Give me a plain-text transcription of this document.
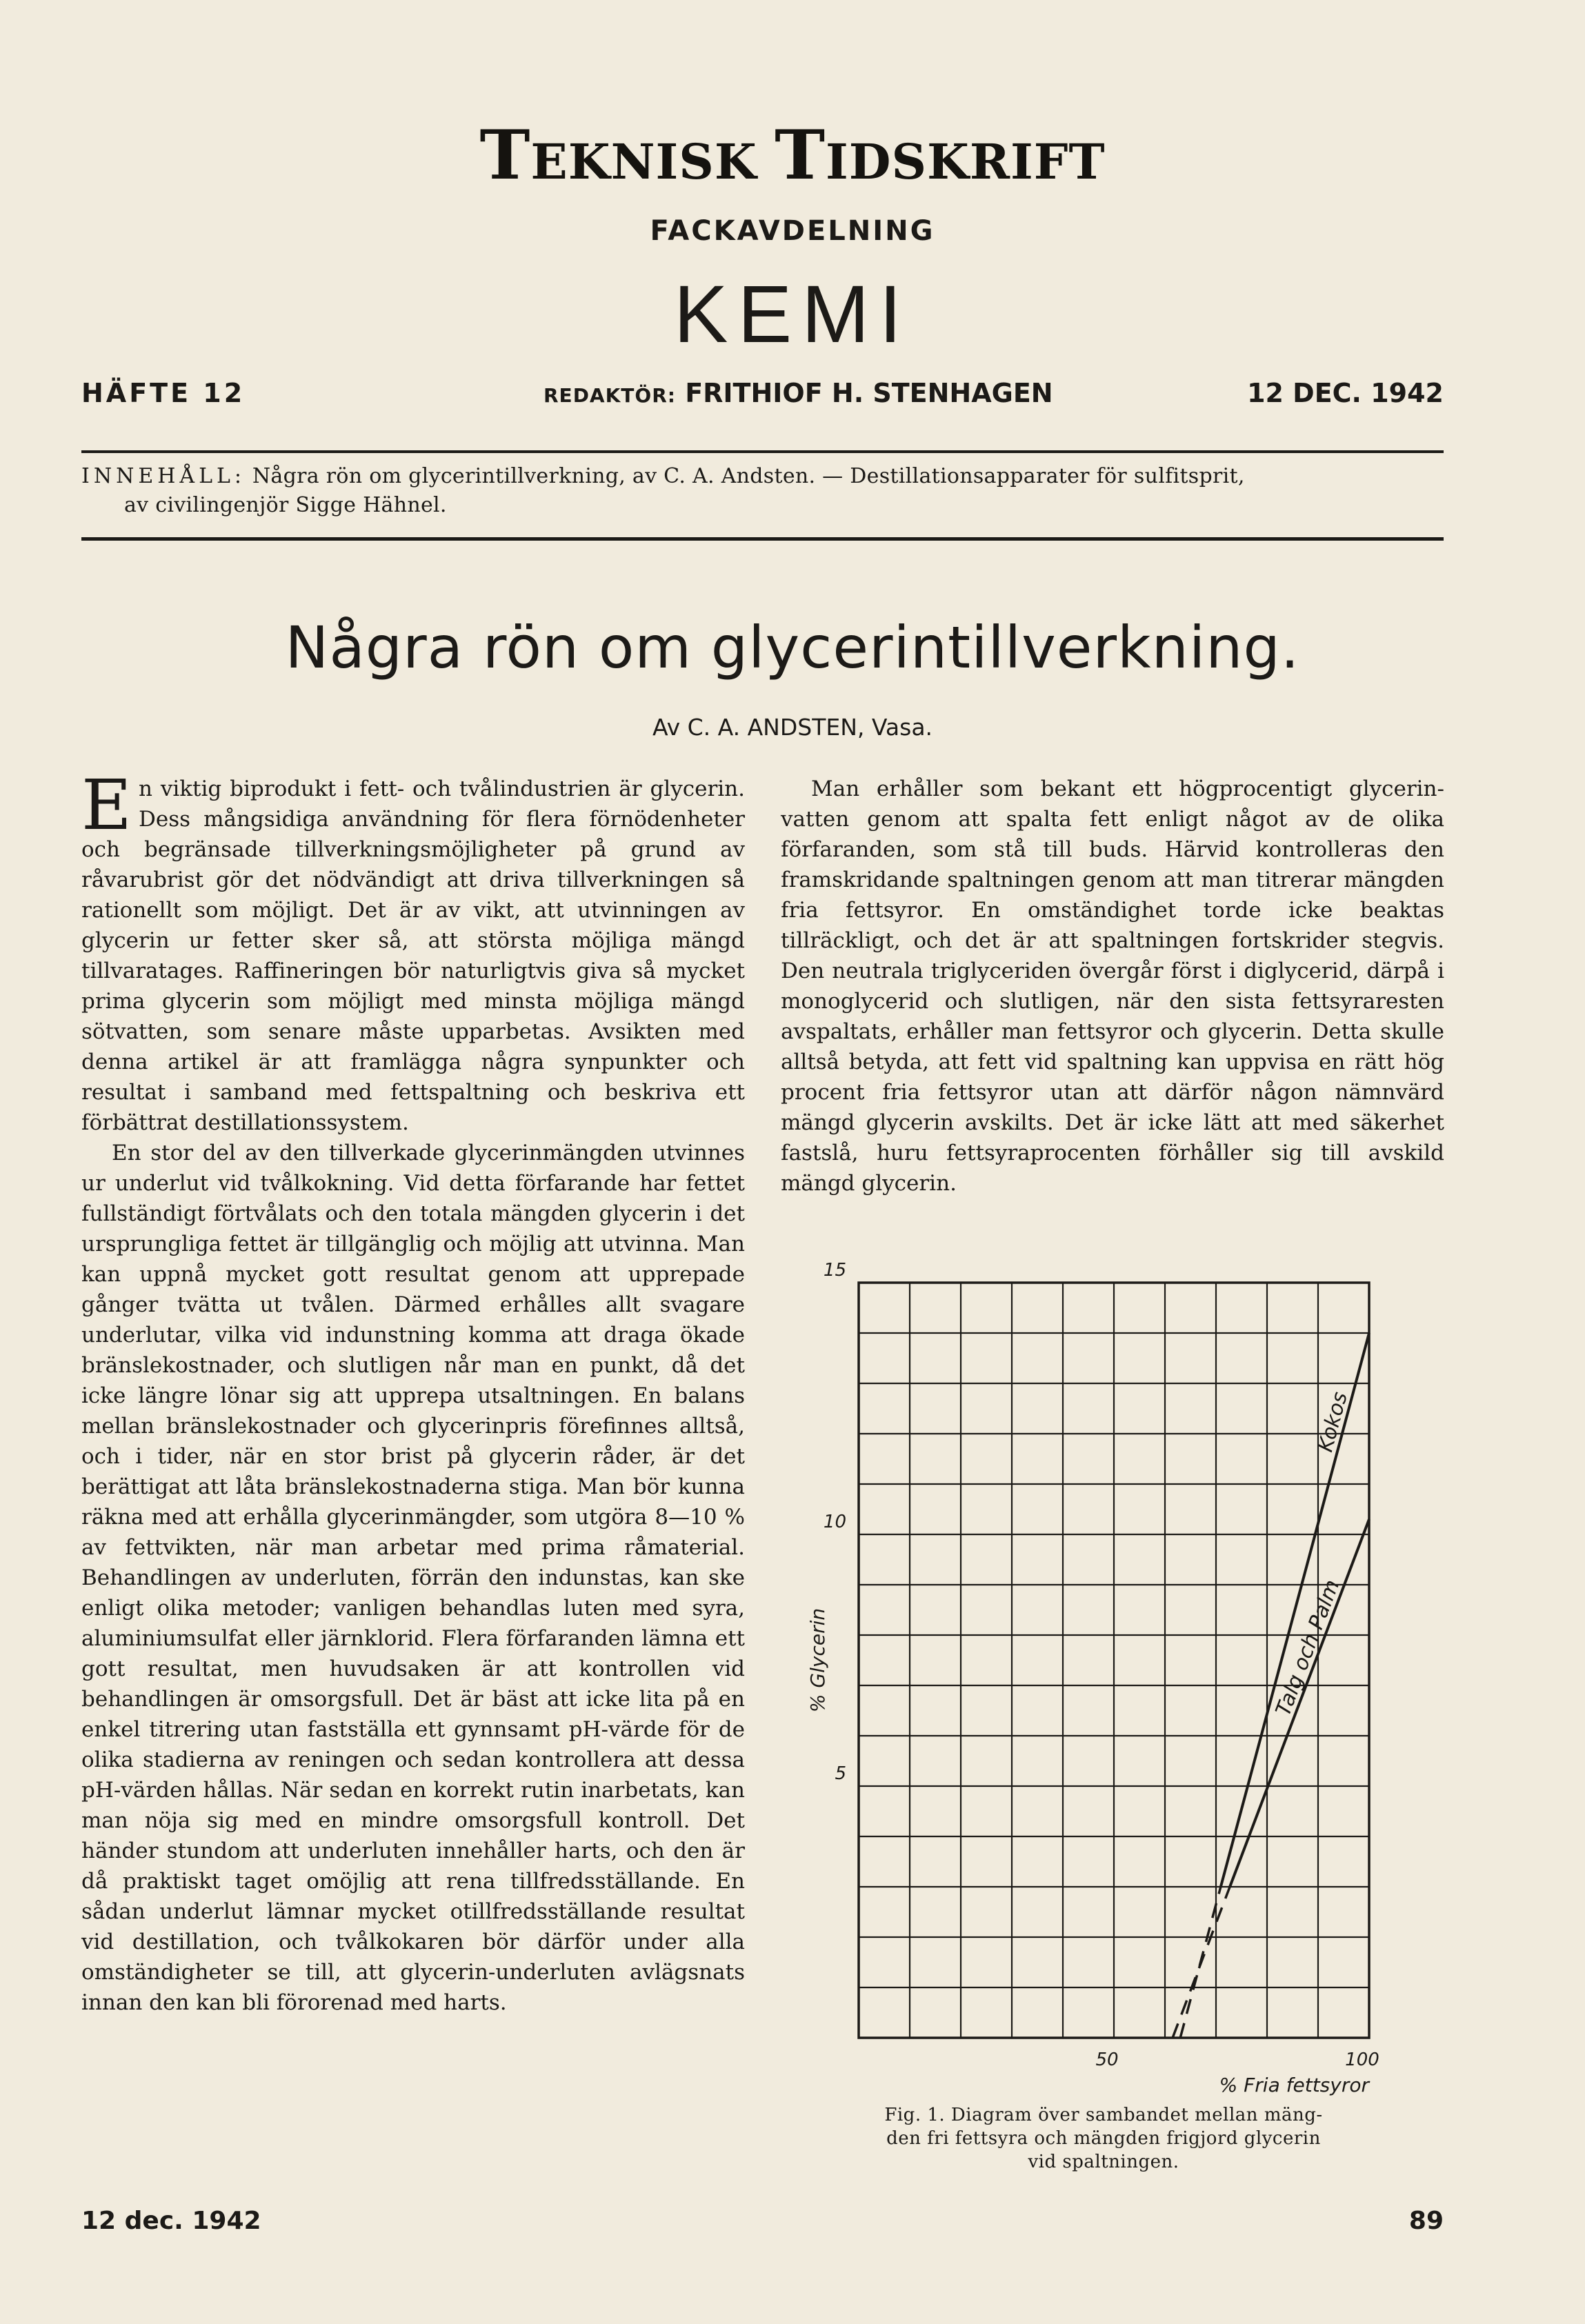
TEKNISK TIDSKRIFT
FACKAVDELNING
KEMI
HÄFTE 12	REDAKTÖR: FRITHIOF H. STENHAGEN	12 DEC. 1942
INNEHÅLL: Några rön om glycerintillverkning, av C. A. Andsten. — Destillationsapparater för sulfitsprit,
av civilingenjör Sigge Hähnel.
Några rön om glycerintillverkning.
Av C. A. ANDSTEN, Vasa.

En viktig biprodukt i fett- och tvålindustrien är glycerin. Dess mångsidiga användning för flera förnödenheter och begränsade tillverkningsmöjligheter på grund av råvarubrist gör det nödvändigt att driva tillverkningen så rationellt som möjligt. Det är av vikt, att utvinningen av glycerin ur fetter sker så, att största möjliga mängd tillvaratages. Raffineringen bör naturligtvis giva så mycket prima glycerin som möjligt med minsta möjliga mängd sötvatten, som senare måste upparbetas. Avsikten med denna artikel är att framlägga några synpunkter och resultat i samband med fettspaltning och beskriva ett förbättrat destillationssystem.

En stor del av den tillverkade glycerinmängden utvinnes ur underlut vid tvålkokning. Vid detta förfarande har fettet fullständigt förtvålats och den totala mängden glycerin i det ursprungliga fettet är tillgänglig och möjlig att utvinna. Man kan uppnå mycket gott resultat genom att upprepade gånger tvätta ut tvålen. Därmed erhålles allt svagare underlutar, vilka vid indunstning komma att draga ökade bränslekostnader, och slutligen når man en punkt, då det icke längre lönar sig att upprepa utsaltningen. En balans mellan bränslekostnader och glycerinpris förefinnes alltså, och i tider, när en stor brist på glycerin råder, är det berättigat att låta bränslekostnaderna stiga. Man bör kunna räkna med att erhålla glycerinmängder, som utgöra 8—10 % av fettvikten, när man arbetar med prima råmaterial. Behandlingen av underluten, förrän den indunstas, kan ske enligt olika metoder; vanligen behandlas luten med syra, aluminiumsulfat eller järnklorid. Flera förfaranden lämna ett gott resultat, men huvudsaken är att kontrollen vid behandlingen är omsorgsfull. Det är bäst att icke lita på en enkel titrering utan fastställa ett gynnsamt pH-värde för de olika stadierna av reningen och sedan kontrollera att dessa pH-värden hållas. När sedan en korrekt rutin inarbetats, kan man nöja sig med en mindre omsorgsfull kontroll. Det händer stundom att underluten innehåller harts, och den är då praktiskt taget omöjlig att rena tillfredsställande. En sådan underlut lämnar mycket otillfredsställande resultat vid destillation, och tvålkokaren bör därför under alla omständigheter se till, att glycerin-underluten avlägsnats innan den kan bli förorenad med harts.

Man erhåller som bekant ett högprocentigt glycerin-vatten genom att spalta fett enligt något av de olika förfaranden, som stå till buds. Härvid kontrolleras den framskridande spaltningen genom att man titrerar mängden fria fettsyror. En omständighet torde icke beaktas tillräckligt, och det är att spaltningen fortskrider stegvis. Den neutrala triglyceriden övergår först i diglycerid, därpå i monoglycerid och slutligen, när den sista fettsyraresten avspaltats, erhåller man fettsyror och glycerin. Detta skulle alltså betyda, att fett vid spaltning kan uppvisa en rätt hög procent fria fettsyror utan att därför någon nämnvärd mängd glycerin avskilts. Det är icke lätt att med säkerhet fastslå, huru fettsyraprocenten förhåller sig till avskild mängd glycerin.

5
10
15
50	100
% Fria fettsyror
% Glycerin
Kokos
Talg och Palm
Fig. 1. Diagram över sambandet mellan mäng-
den fri fettsyra och mängden frigjord glycerin
vid spaltningen.
12 dec. 1942	89
